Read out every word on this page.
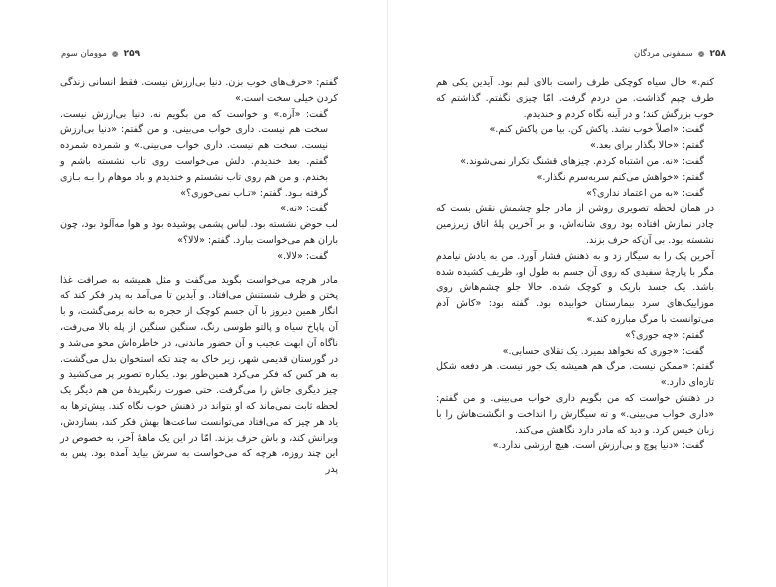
۲۵۹
❁
موومان سوم

گفتم: «حرف‌های خوب بزن. دنیا بی‌ارزش نیست. فقط انسانی زندگی کردن خیلی سخت است.»

گفت: «آره.» و خواست که من بگویم نه. دنیا بی‌ارزش نیست. سخت هم نیست. داری خواب می‌بینی. و من گفتم: «دنیا بی‌ارزش نیست. سخت هم نیست. داری خواب می‌بینی.» و شمرده شمرده گفتم. بعد خندیدم. دلش می‌خواست روی تاب نشسته باشم و بخندم. و من هم روی تاب نشستم و خندیدم و باد موهام را بـه بـازی گرفته بـود. گفتم: «تـاب نمی‌خوری؟»

گفت: «نه.»

لب حوض نشسته بود. لباس پشمی پوشیده بود و هوا مه‌آلود بود، چون باران هم می‌خواست ببارد. گفتم: «لالا؟»

گفت: «لالا.»

مادر هرچه می‌خواست بگوید می‌گفت و مثل همیشه به صرافت غذا پختن و ظرف شستنش می‌افتاد. و آیدین تا می‌آمد به پدر فکر کند که انگار همین دیروز با آن جسم کوچک از حجره به خانه برمی‌گشت، و با آن پاپاخ سیاه و پالتو طوسی رنگ، سنگین سنگین از پله بالا می‌رفت، ناگاه آن ابهت عجیب و آن حضور ماندنی، در خاطره‌اش محو می‌شد و در گورستان قدیمی شهر، زیر خاک به چند تکه استخوان بدل می‌گشت. به هر کس که فکر می‌کرد همین‌طور بود. یکباره تصویر پر می‌کشید و چیز دیگری جاش را می‌گرفت. حتی صورت رنگپریدهٔ من هم دیگر یک لحظه ثابت نمی‌ماند که او بتواند در ذهنش خوب نگاه کند. پیش‌ترها به یاد هر چیز که می‌افتاد می‌توانست ساعت‌ها بهش فکر کند، بسازدش، ویرانش کند، و باش حرف بزند. امّا در این یک ماههٔ آخر، به خصوص در این چند روزه، هرچه که می‌خواست به سرش بیاید آمده بود. پس به پدر

۲۵۸
❁
سمفونی مردگان

کنم.» خال سیاه کوچکی طرف راست بالای لبم بود. آیدین یکی هم طرف چپم گذاشت. من دردم گرفت. امّا چیزی نگفتم. گذاشتم که خوب بزرگش کند؛ و در آینه نگاه کردم و خندیدم.

گفت: «اصلاً خوب نشد. پاکش کن. بیا من پاکش کنم.»

گفتم: «حالا بگذار برای بعد.»

گفت: «نه. من اشتباه کردم. چیزهای قشنگ تکرار نمی‌شوند.»

گفتم: «خواهش می‌کنم سربه‌سرم نگذار.»

گفت: «به من اعتماد نداری؟»

در همان لحظه تصویری روشن از مادر جلو چشمش نقش بست که چادر نمازش افتاده بود روی شانه‌اش، و بر آخرین پلهٔ اتاق زیرزمین نشسته بود. بی آن‌که حرف بزند.

آخرین پک را به سیگار زد و به ذهنش فشار آورد. من به یادش نیامدم مگر با پارچهٔ سفیدی که روی آن جسم به طول او، ظریف کشیده شده باشد. یک جسد باریک و کوچک شده. حالا جلو چشم‌هاش روی موزاییک‌های سرد بیمارستان خوابیده بود. گفته بود: «کاش آدم می‌توانست با مرگ مبارزه کند.»

گفتم: «چه جوری؟»

گفت: «جوری که نخواهد بمیرد. یک تقلای حسابی.»

گفتم: «ممکن نیست. مرگ هم همیشه یک جور نیست. هر دفعه شکل تازه‌ای دارد.»

در ذهنش خواست که من بگویم داری خواب می‌بینی. و من گفتم: «داری خواب می‌بینی.» و ته سیگارش را انداخت و انگشت‌هاش را با زبان خیس کرد. و دید که مادر دارد نگاهش می‌کند.

گفت: «دنیا پوچ و بی‌ارزش است. هیچ ارزشی ندارد.»
